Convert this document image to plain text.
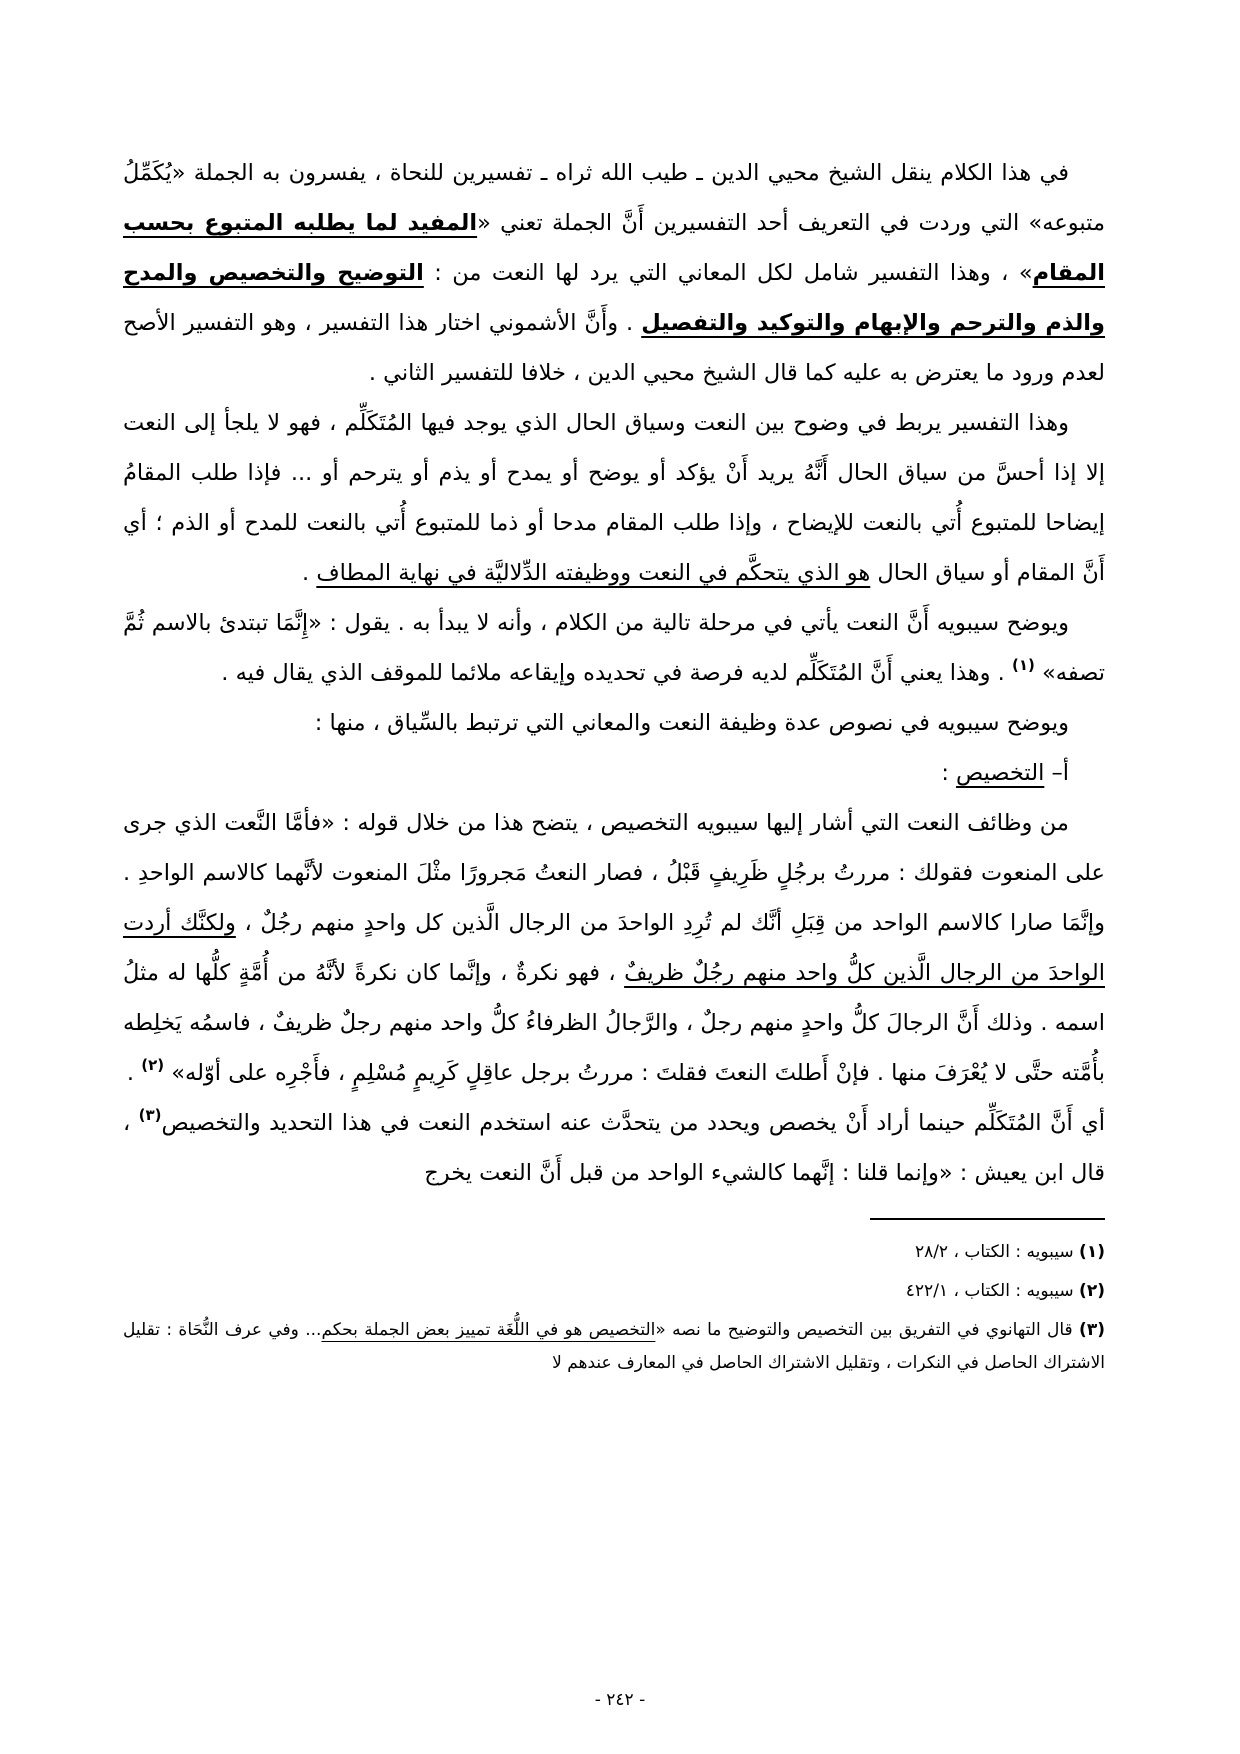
في هذا الكلام ينقل الشيخ محيي الدين ـ طيب الله ثراه ـ تفسيرين للنحاة ، يفسرون به الجملة «يُكَمِّلُ متبوعه» التي وردت في التعريف أحد التفسيرين أَنَّ الجملة تعني «المفيد لما يطلبه المتبوع بحسب المقام» ، وهذا التفسير شامل لكل المعاني التي يرد لها النعت من : التوضيح والتخصيص والمدح والذم والترحم والإبهام والتوكيد والتفصيل . وأَنَّ الأشموني اختار هذا التفسير ، وهو التفسير الأصح لعدم ورود ما يعترض به عليه كما قال الشيخ محيي الدين ، خلافا للتفسير الثاني .

وهذا التفسير يربط في وضوح بين النعت وسياق الحال الذي يوجد فيها المُتَكَلِّم ، فهو لا يلجأ إلى النعت إلا إذا أحسَّ من سياق الحال أَنَّهُ يريد أَنْ يؤكد أو يوضح أو يمدح أو يذم أو يترحم أو ... فإذا طلب المقامُ إيضاحا للمتبوع أُتي بالنعت للإيضاح ، وإذا طلب المقام مدحا أو ذما للمتبوع أُتي بالنعت للمدح أو الذم ؛ أي أَنَّ المقام أو سياق الحال هو الذي يتحكَّم في النعت ووظيفته الدِّلاليَّة في نهاية المطاف .

ويوضح سيبويه أَنَّ النعت يأتي في مرحلة تالية من الكلام ، وأنه لا يبدأ به . يقول : «إِنَّمَا تبتدئ بالاسم ثُمَّ تصفه» $^{(١)}$ . وهذا يعني أَنَّ المُتَكَلِّم لديه فرصة في تحديده وإيقاعه ملائما للموقف الذي يقال فيه .

ويوضح سيبويه في نصوص عدة وظيفة النعت والمعاني التي ترتبط بالسِّياق ، منها :

أ– التخصيص :

من وظائف النعت التي أشار إليها سيبويه التخصيص ، يتضح هذا من خلال قوله : «فأمَّا النَّعت الذي جرى على المنعوت فقولك : مررتُ برجُلٍ ظَرِيفٍ قَبْلُ ، فصار النعتُ مَجرورًا مثْلَ المنعوت لأنَّهما كالاسم الواحدِ . وإنَّمَا صارا كالاسم الواحد من قِبَلِ أنَّك لم تُرِدِ الواحدَ من الرجال الَّذين كل واحدٍ منهم رجُلٌ ، ولكنَّك أردت الواحدَ من الرجال الَّذين كلُّ واحد منهم رجُلٌ ظريفٌ ، فهو نكرةٌ ، وإنَّما كان نكرةً لأنَّهُ من أُمَّةٍ كلُّها له مثلُ اسمه . وذلك أَنَّ الرجالَ كلُّ واحدٍ منهم رجلٌ ، والرَّجالُ الظرفاءُ كلُّ واحد منهم رجلٌ ظريفٌ ، فاسمُه يَخلِطه بأُمَّته حتَّى لا يُعْرَفَ منها . فإنْ أَطلتَ النعتَ فقلتَ : مررتُ برجل عاقِلٍ كَرِيمٍ مُسْلِمٍ ، فأَجْرِه على أوّله» $^{(٢)}$ .

أي أَنَّ المُتَكَلِّم حينما أراد أَنْ يخصص ويحدد من يتحدَّث عنه استخدم النعت في هذا التحديد والتخصيص$^{(٣)}$ ، قال ابن يعيش : «وإنما قلنا : إنَّهما كالشيء الواحد من قبل أَنَّ النعت يخرج

(١) سيبويه : الكتاب ، ٢٨/٢

(٢) سيبويه : الكتاب ، ٤٢٢/١

(٣) قال التهانوي في التفريق بين التخصيص والتوضيح ما نصه «التخصيص هو في اللُّغَة تمييز بعض الجملة بحكم... وفي عرف النُّحَاة : تقليل الاشتراك الحاصل في النكرات ، وتقليل الاشتراك الحاصل في المعارف عندهم لا

- ٢٤٢ -
